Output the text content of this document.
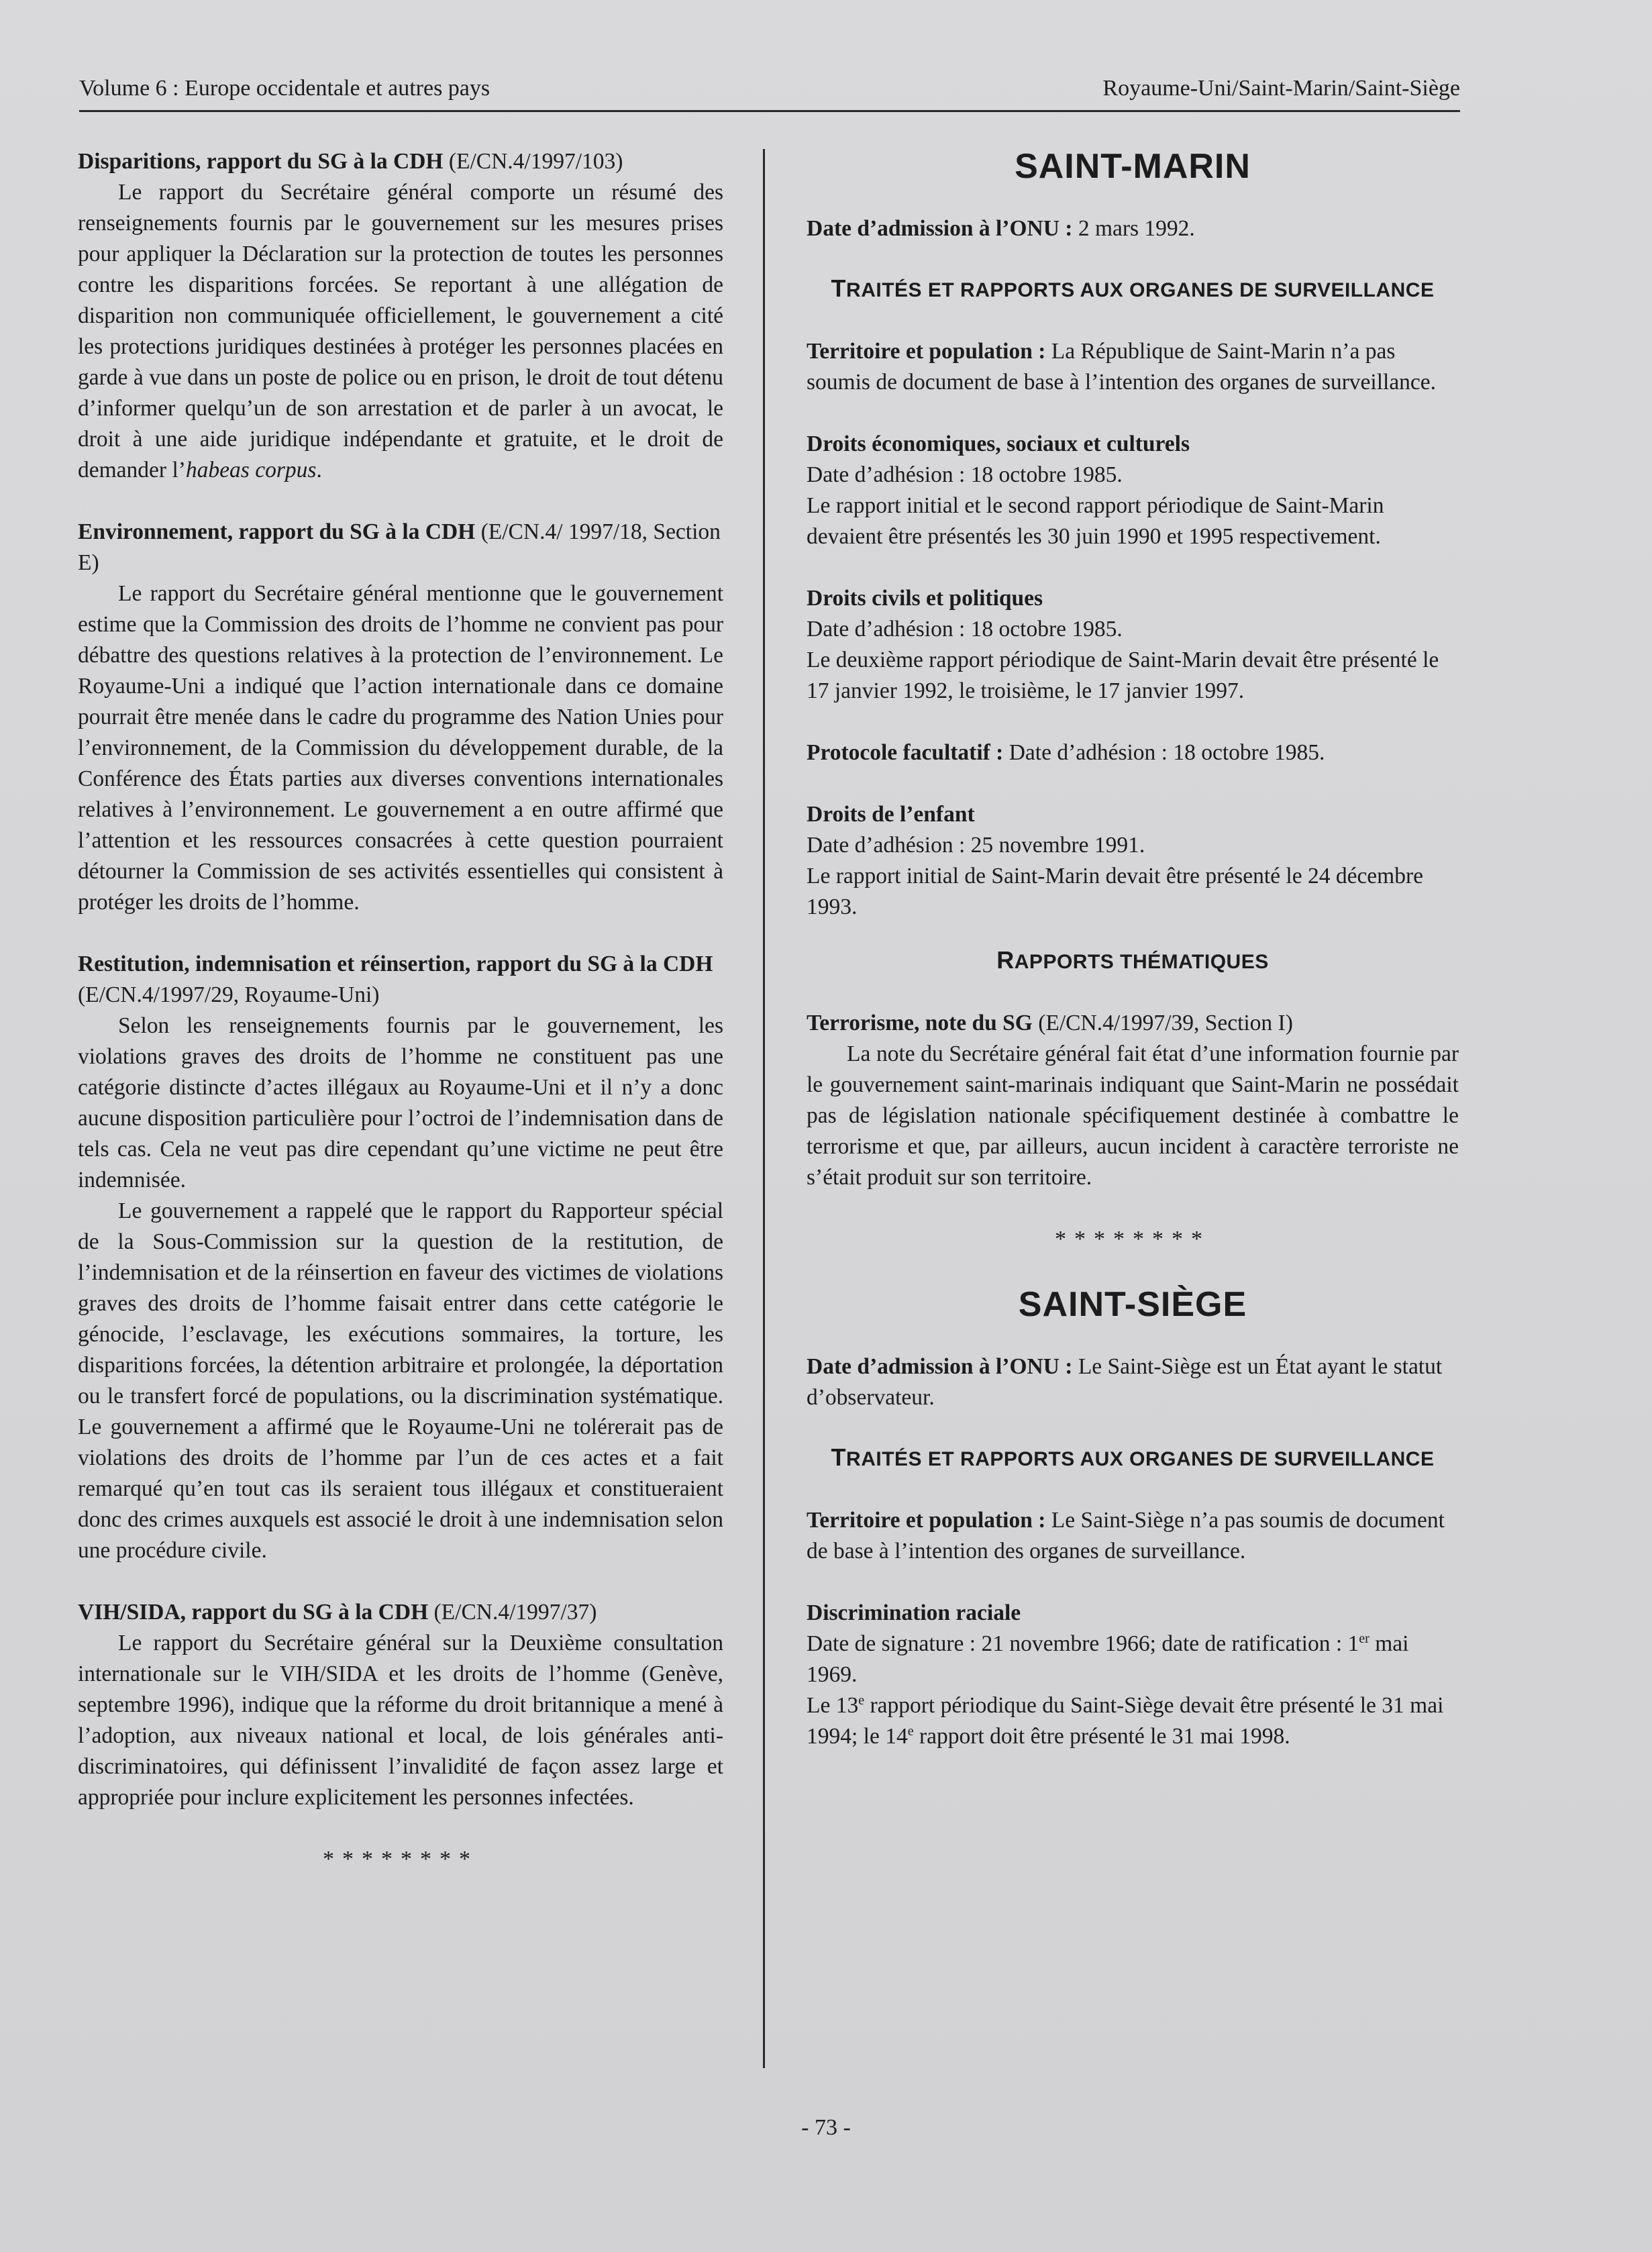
Volume 6 : Europe occidentale et autres pays	Royaume-Uni/Saint-Marin/Saint-Siège

Disparitions, rapport du SG à la CDH (E/CN.4/1997/103)

Le rapport du Secrétaire général comporte un résumé des renseignements fournis par le gouvernement sur les mesures prises pour appliquer la Déclaration sur la protection de toutes les personnes contre les disparitions forcées. Se reportant à une allégation de disparition non communiquée officiellement, le gouvernement a cité les protections juridiques destinées à protéger les personnes placées en garde à vue dans un poste de police ou en prison, le droit de tout détenu d’informer quelqu’un de son arrestation et de parler à un avocat, le droit à une aide juridique indépendante et gratuite, et le droit de demander l’habeas corpus.

Environnement, rapport du SG à la CDH (E/CN.4/ 1997/18, Section E)

Le rapport du Secrétaire général mentionne que le gouvernement estime que la Commission des droits de l’homme ne convient pas pour débattre des questions relatives à la protection de l’environnement. Le Royaume-Uni a indiqué que l’action internationale dans ce domaine pourrait être menée dans le cadre du programme des Nation Unies pour l’environnement, de la Commission du développement durable, de la Conférence des États parties aux diverses conventions internationales relatives à l’environnement. Le gouvernement a en outre affirmé que l’attention et les ressources consacrées à cette question pourraient détourner la Commission de ses activités essentielles qui consistent à protéger les droits de l’homme.

Restitution, indemnisation et réinsertion, rapport du SG à la CDH (E/CN.4/1997/29, Royaume-Uni)

Selon les renseignements fournis par le gouvernement, les violations graves des droits de l’homme ne constituent pas une catégorie distincte d’actes illégaux au Royaume-Uni et il n’y a donc aucune disposition particulière pour l’octroi de l’indemnisation dans de tels cas. Cela ne veut pas dire cependant qu’une victime ne peut être indemnisée.

Le gouvernement a rappelé que le rapport du Rapporteur spécial de la Sous-Commission sur la question de la restitution, de l’indemnisation et de la réinsertion en faveur des victimes de violations graves des droits de l’homme faisait entrer dans cette catégorie le génocide, l’esclavage, les exécutions sommaires, la torture, les disparitions forcées, la détention arbitraire et prolongée, la déportation ou le transfert forcé de populations, ou la discrimination systématique. Le gouvernement a affirmé que le Royaume-Uni ne tolérerait pas de violations des droits de l’homme par l’un de ces actes et a fait remarqué qu’en tout cas ils seraient tous illégaux et constitueraient donc des crimes auxquels est associé le droit à une indemnisation selon une procédure civile.

VIH/SIDA, rapport du SG à la CDH (E/CN.4/1997/37)

Le rapport du Secrétaire général sur la Deuxième consultation internationale sur le VIH/SIDA et les droits de l’homme (Genève, septembre 1996), indique que la réforme du droit britannique a mené à l’adoption, aux niveaux national et local, de lois générales anti-discriminatoires, qui définissent l’invalidité de façon assez large et appropriée pour inclure explicitement les personnes infectées.

********

SAINT-MARIN

Date d’admission à l’ONU : 2 mars 1992.

TRAITÉS ET RAPPORTS AUX ORGANES DE SURVEILLANCE

Territoire et population : La République de Saint-Marin n’a pas soumis de document de base à l’intention des organes de surveillance.

Droits économiques, sociaux et culturels

Date d’adhésion : 18 octobre 1985.

Le rapport initial et le second rapport périodique de Saint-Marin devaient être présentés les 30 juin 1990 et 1995 respectivement.

Droits civils et politiques

Date d’adhésion : 18 octobre 1985.

Le deuxième rapport périodique de Saint-Marin devait être présenté le 17 janvier 1992, le troisième, le 17 janvier 1997.

Protocole facultatif : Date d’adhésion : 18 octobre 1985.

Droits de l’enfant

Date d’adhésion : 25 novembre 1991.

Le rapport initial de Saint-Marin devait être présenté le 24 décembre 1993.

RAPPORTS THÉMATIQUES

Terrorisme, note du SG (E/CN.4/1997/39, Section I)

La note du Secrétaire général fait état d’une information fournie par le gouvernement saint-marinais indiquant que Saint-Marin ne possédait pas de législation nationale spécifiquement destinée à combattre le terrorisme et que, par ailleurs, aucun incident à caractère terroriste ne s’était produit sur son territoire.

********

SAINT-SIÈGE

Date d’admission à l’ONU : Le Saint-Siège est un État ayant le statut d’observateur.

TRAITÉS ET RAPPORTS AUX ORGANES DE SURVEILLANCE

Territoire et population : Le Saint-Siège n’a pas soumis de document de base à l’intention des organes de surveillance.

Discrimination raciale

Date de signature : 21 novembre 1966; date de ratification : 1er mai 1969.

Le 13e rapport périodique du Saint-Siège devait être présenté le 31 mai 1994; le 14e rapport doit être présenté le 31 mai 1998.

- 73 -
